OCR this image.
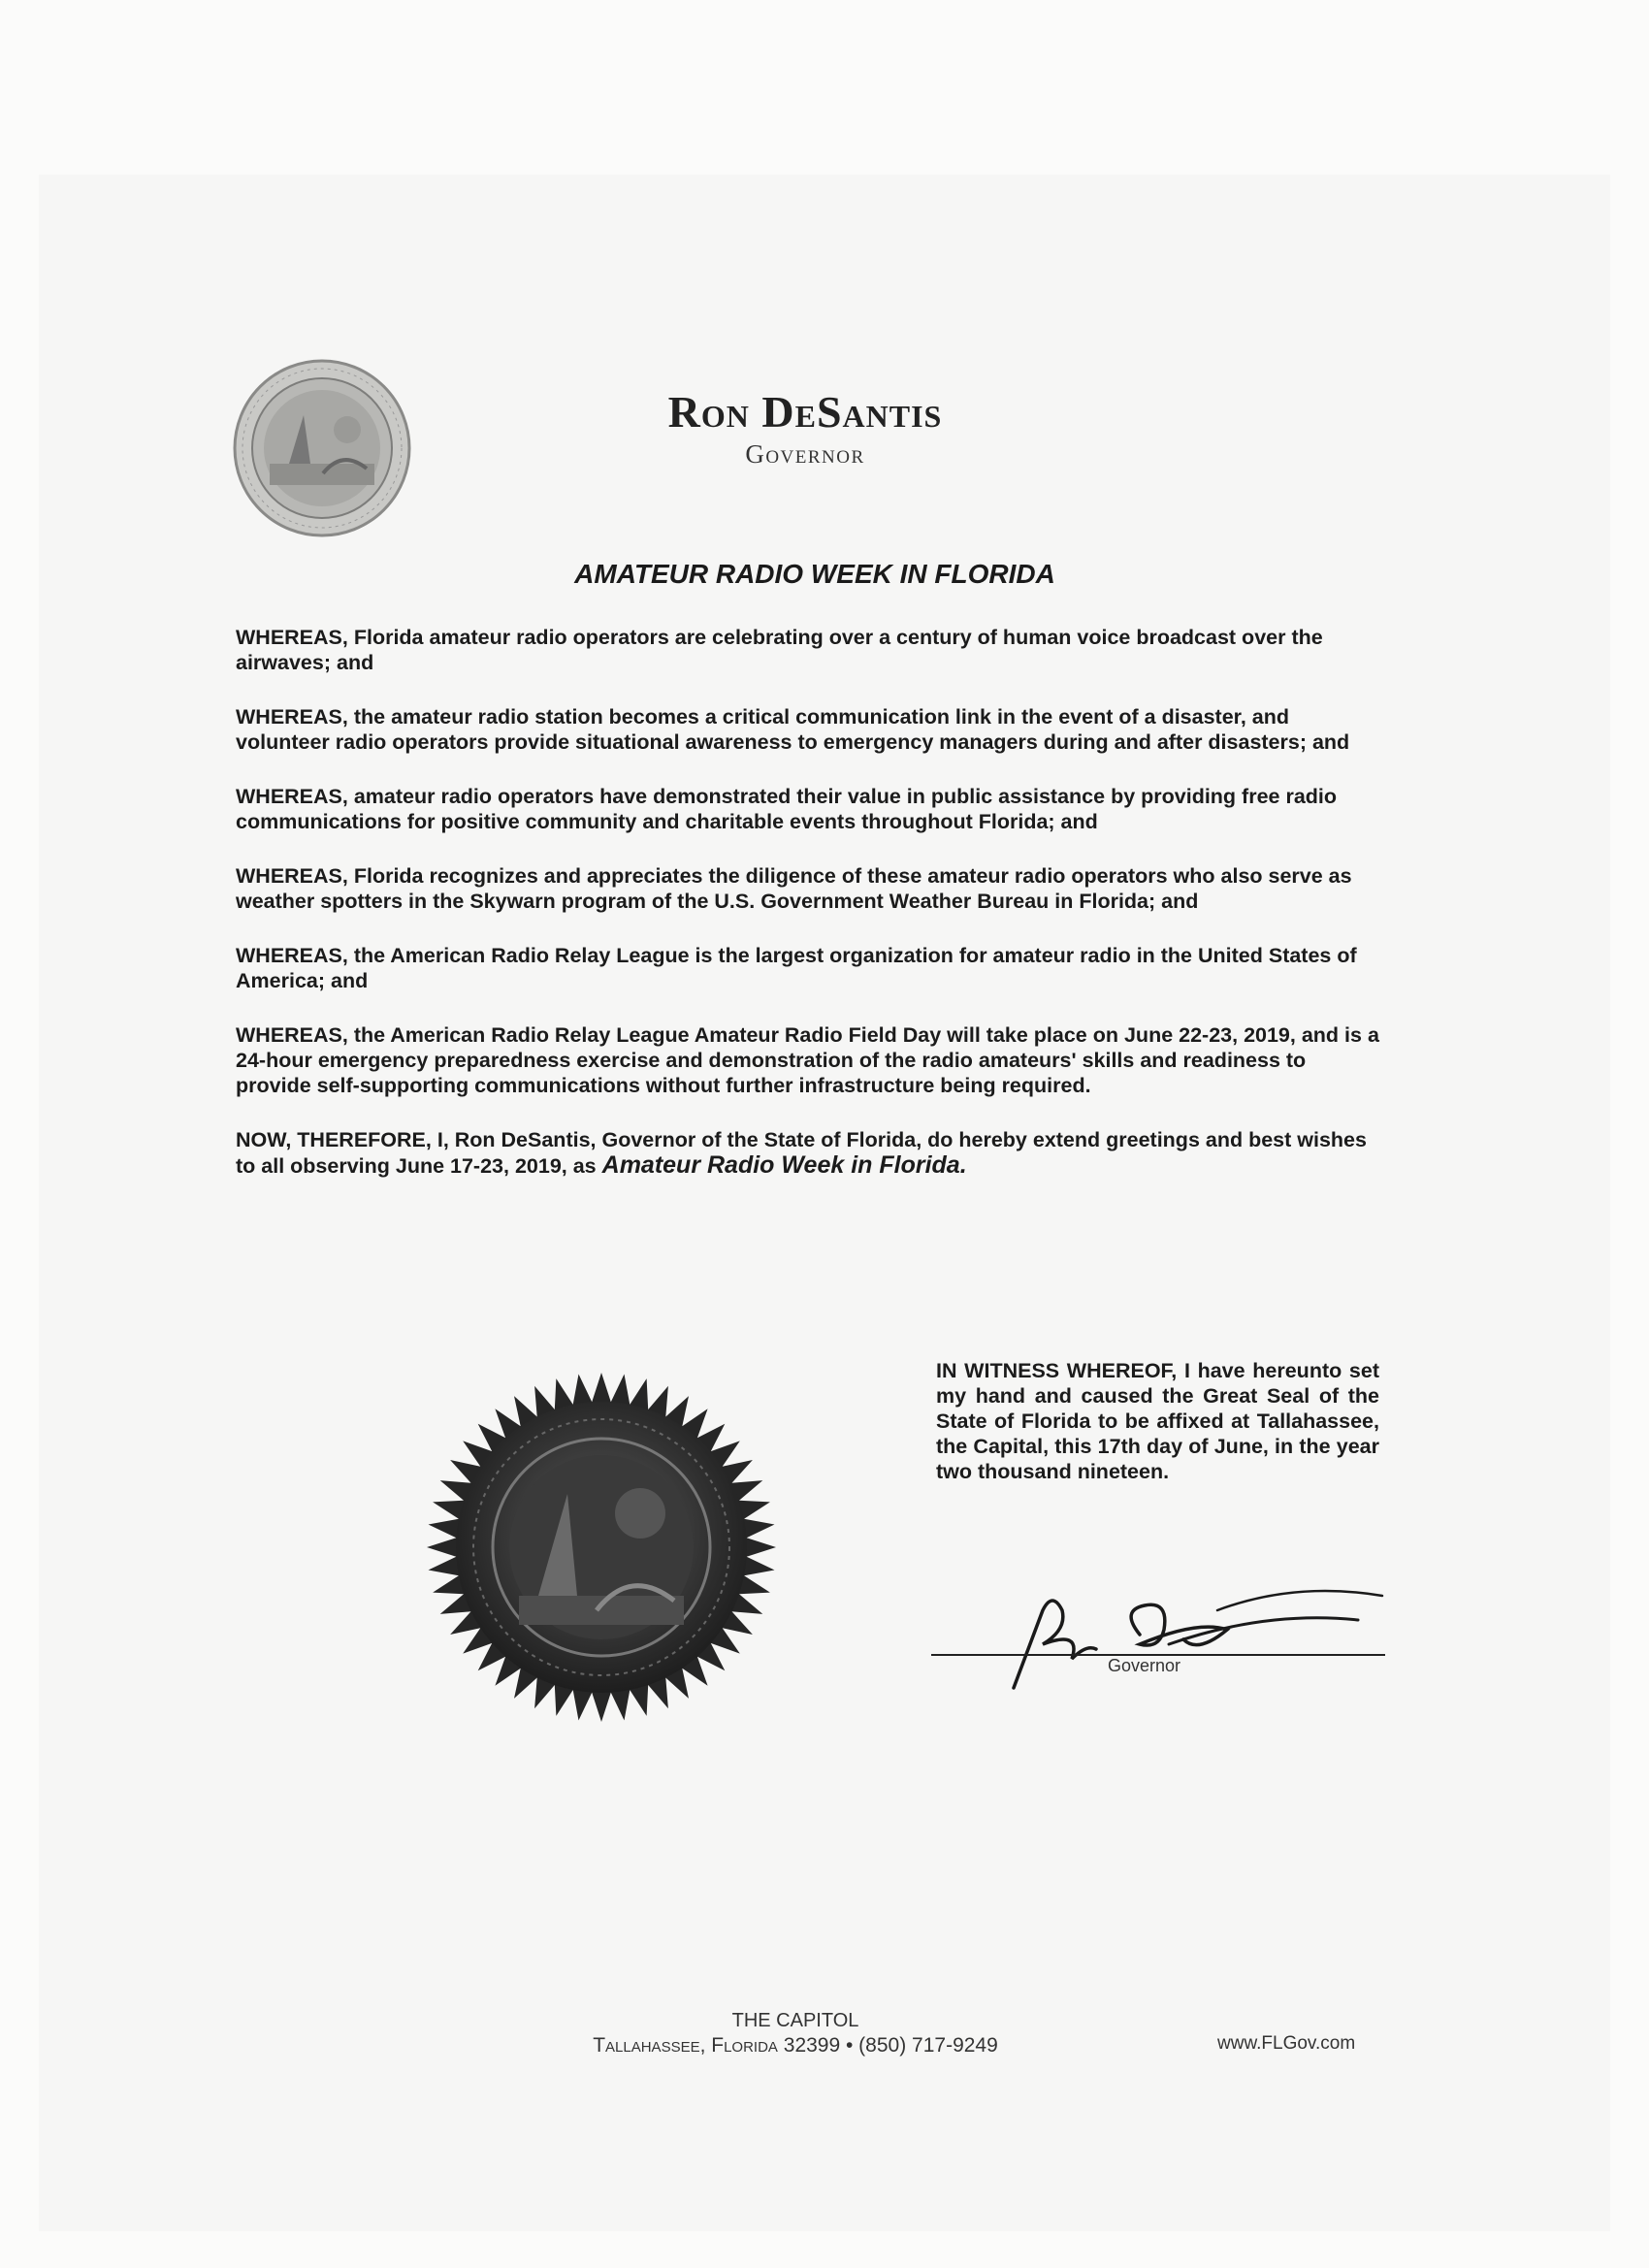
Ron DeSantis
Governor
AMATEUR RADIO WEEK IN FLORIDA

WHEREAS, Florida amateur radio operators are celebrating over a century of human voice broadcast over the airwaves; and

WHEREAS, the amateur radio station becomes a critical communication link in the event of a disaster, and volunteer radio operators provide situational awareness to emergency managers during and after disasters; and

WHEREAS, amateur radio operators have demonstrated their value in public assistance by providing free radio communications for positive community and charitable events throughout Florida; and

WHEREAS, Florida recognizes and appreciates the diligence of these amateur radio operators who also serve as weather spotters in the Skywarn program of the U.S. Government Weather Bureau in Florida; and

WHEREAS, the American Radio Relay League is the largest organization for amateur radio in the United States of America; and

WHEREAS, the American Radio Relay League Amateur Radio Field Day will take place on June 22-23, 2019, and is a 24-hour emergency preparedness exercise and demonstration of the radio amateurs' skills and readiness to provide self-supporting communications without further infrastructure being required.

NOW, THEREFORE, I, Ron DeSantis, Governor of the State of Florida, do hereby extend greetings and best wishes to all observing June 17-23, 2019, as Amateur Radio Week in Florida.

IN WITNESS WHEREOF, I have hereunto set my hand and caused the Great Seal of the State of Florida to be affixed at Tallahassee, the Capital, this 17th day of June, in the year two thousand nineteen.
Governor
THE CAPITOL
Tallahassee, Florida 32399 • (850) 717-9249	www.FLGov.com
